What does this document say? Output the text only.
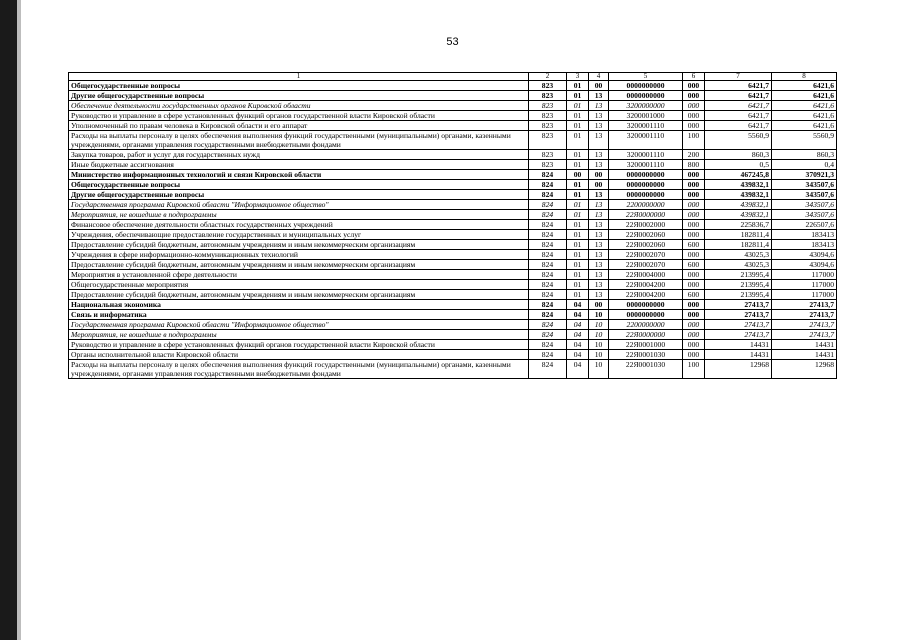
53
1	2	3	4	5	6	7	8
Общегосударственные вопросы	823	01	00	0000000000	000	6421,7	6421,6
Другие общегосударственные вопросы	823	01	13	0000000000	000	6421,7	6421,6
Обеспечение деятельности государственных органов Кировской области	823	01	13	3200000000	000	6421,7	6421,6
Руководство и управление в сфере установленных функций органов государственной власти Кировской области	823	01	13	3200001000	000	6421,7	6421,6
Уполномоченный по правам человека в Кировской области и его аппарат	823	01	13	3200001110	000	6421,7	6421,6
Расходы на выплаты персоналу в целях обеспечения выполнения функций государственными (муниципальными) органами, казенными учреждениями, органами управления государственными внебюджетными фондами	823	01	13	3200001110	100	5560,9	5560,9
Закупка товаров, работ и услуг для государственных нужд	823	01	13	3200001110	200	860,3	860,3
Иные бюджетные ассигнования	823	01	13	3200001110	800	0,5	0,4
Министерство информационных технологий и связи Кировской области	824	00	00	0000000000	000	467245,8	370921,3
Общегосударственные вопросы	824	01	00	0000000000	000	439832,1	343507,6
Другие общегосударственные вопросы	824	01	13	0000000000	000	439832,1	343507,6
Государственная программа Кировской области "Информационное общество"	824	01	13	2200000000	000	439832,1	343507,6
Мероприятия, не вошедшие в подпрограммы	824	01	13	22Я0000000	000	439832,1	343507,6
Финансовое обеспечение деятельности областных государственных учреждений	824	01	13	22Я0002000	000	225836,7	226507,6
Учреждения, обеспечивающие предоставление государственных и муниципальных услуг	824	01	13	22Я0002060	000	182811,4	183413
Предоставление субсидий бюджетным, автономным учреждениям и иным некоммерческим организациям	824	01	13	22Я0002060	600	182811,4	183413
Учреждения в сфере информационно-коммуникационных технологий	824	01	13	22Я0002070	000	43025,3	43094,6
Предоставление субсидий бюджетным, автономным учреждениям и иным некоммерческим организациям	824	01	13	22Я0002070	600	43025,3	43094,6
Мероприятия в установленной сфере деятельности	824	01	13	22Я0004000	000	213995,4	117000
Общегосударственные мероприятия	824	01	13	22Я0004200	000	213995,4	117000
Предоставление субсидий бюджетным, автономным учреждениям и иным некоммерческим организациям	824	01	13	22Я0004200	600	213995,4	117000
Национальная экономика	824	04	00	0000000000	000	27413,7	27413,7
Связь и информатика	824	04	10	0000000000	000	27413,7	27413,7
Государственная программа Кировской области "Информационное общество"	824	04	10	2200000000	000	27413,7	27413,7
Мероприятия, не вошедшие в подпрограммы	824	04	10	22Я0000000	000	27413,7	27413,7
Руководство и управление в сфере установленных функций органов государственной власти Кировской области	824	04	10	22Я0001000	000	14431	14431
Органы исполнительной власти Кировской области	824	04	10	22Я0001030	000	14431	14431
Расходы на выплаты персоналу в целях обеспечения выполнения функций государственными (муниципальными) органами, казенными учреждениями, органами управления государственными внебюджетными фондами	824	04	10	22Я0001030	100	12968	12968
